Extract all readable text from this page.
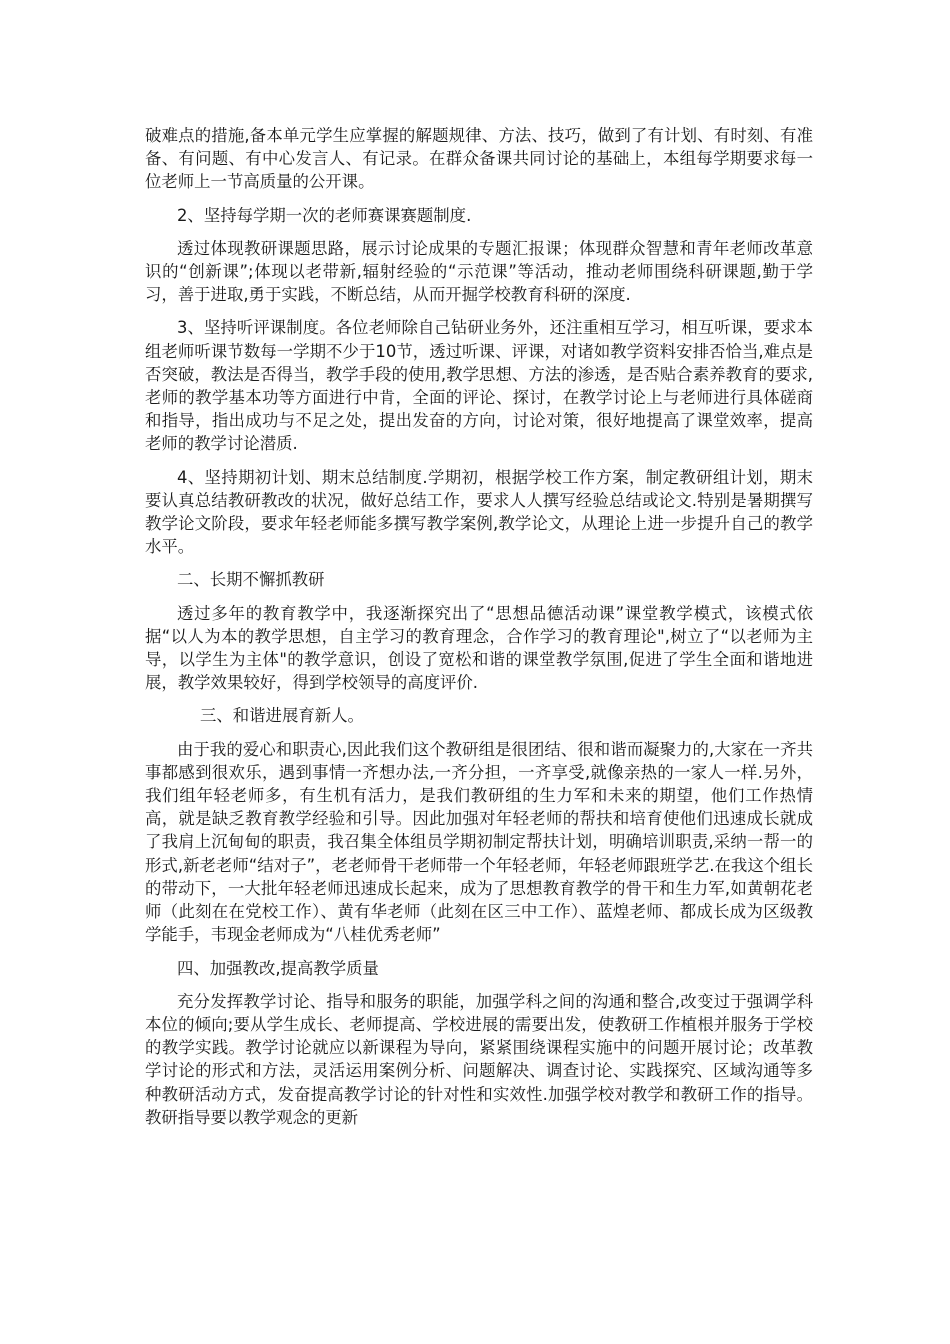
破难点的措施,备本单元学生应掌握的解题规律、方法、技巧，做到了有计划、有时刻、有准备、有问题、有中心发言人、有记录。在群众备课共同讨论的基础上，本组每学期要求每一位老师上一节高质量的公开课。

2、坚持每学期一次的老师赛课赛题制度.

透过体现教研课题思路，展示讨论成果的专题汇报课；体现群众智慧和青年老师改革意识的“创新课”;体现以老带新,辐射经验的“示范课”等活动，推动老师围绕科研课题,勤于学习，善于进取,勇于实践，不断总结，从而开掘学校教育科研的深度.

3、坚持听评课制度。各位老师除自己钻研业务外，还注重相互学习，相互听课，要求本组老师听课节数每一学期不少于10节，透过听课、评课，对诸如教学资料安排否恰当,难点是否突破，教法是否得当，教学手段的使用,教学思想、方法的渗透，是否贴合素养教育的要求,老师的教学基本功等方面进行中肯，全面的评论、探讨，在教学讨论上与老师进行具体磋商和指导，指出成功与不足之处，提出发奋的方向，讨论对策，很好地提高了课堂效率，提高老师的教学讨论潜质.

4、坚持期初计划、期末总结制度.学期初，根据学校工作方案，制定教研组计划，期末要认真总结教研教改的状况，做好总结工作，要求人人撰写经验总结或论文.特别是暑期撰写教学论文阶段，要求年轻老师能多撰写教学案例,教学论文，从理论上进一步提升自己的教学水平。

二、长期不懈抓教研

透过多年的教育教学中，我逐渐探究出了“思想品德活动课”课堂教学模式，该模式依据“以人为本的教学思想，自主学习的教育理念，合作学习的教育理论",树立了“以老师为主导，以学生为主体"的教学意识，创设了宽松和谐的课堂教学氛围,促进了学生全面和谐地进展，教学效果较好，得到学校领导的高度评价.

三、和谐进展育新人。

由于我的爱心和职责心,因此我们这个教研组是很团结、很和谐而凝聚力的,大家在一齐共事都感到很欢乐，遇到事情一齐想办法,一齐分担，一齐享受,就像亲热的一家人一样.另外，我们组年轻老师多，有生机有活力，是我们教研组的生力军和未来的期望，他们工作热情高，就是缺乏教育教学经验和引导。因此加强对年轻老师的帮扶和培育使他们迅速成长就成了我肩上沉甸甸的职责，我召集全体组员学期初制定帮扶计划，明确培训职责,采纳一帮一的形式,新老老师“结对子”，老老师骨干老师带一个年轻老师，年轻老师跟班学艺.在我这个组长的带动下，一大批年轻老师迅速成长起来，成为了思想教育教学的骨干和生力军,如黄朝花老师（此刻在在党校工作）、黄有华老师（此刻在区三中工作）、蓝煌老师、都成长成为区级教学能手，韦现金老师成为“八桂优秀老师”

四、加强教改,提高教学质量

充分发挥教学讨论、指导和服务的职能，加强学科之间的沟通和整合,改变过于强调学科本位的倾向;要从学生成长、老师提高、学校进展的需要出发，使教研工作植根并服务于学校的教学实践。教学讨论就应以新课程为导向，紧紧围绕课程实施中的问题开展讨论；改革教学讨论的形式和方法，灵活运用案例分析、问题解决、调查讨论、实践探究、区域沟通等多种教研活动方式，发奋提高教学讨论的针对性和实效性.加强学校对教学和教研工作的指导。教研指导要以教学观念的更新
